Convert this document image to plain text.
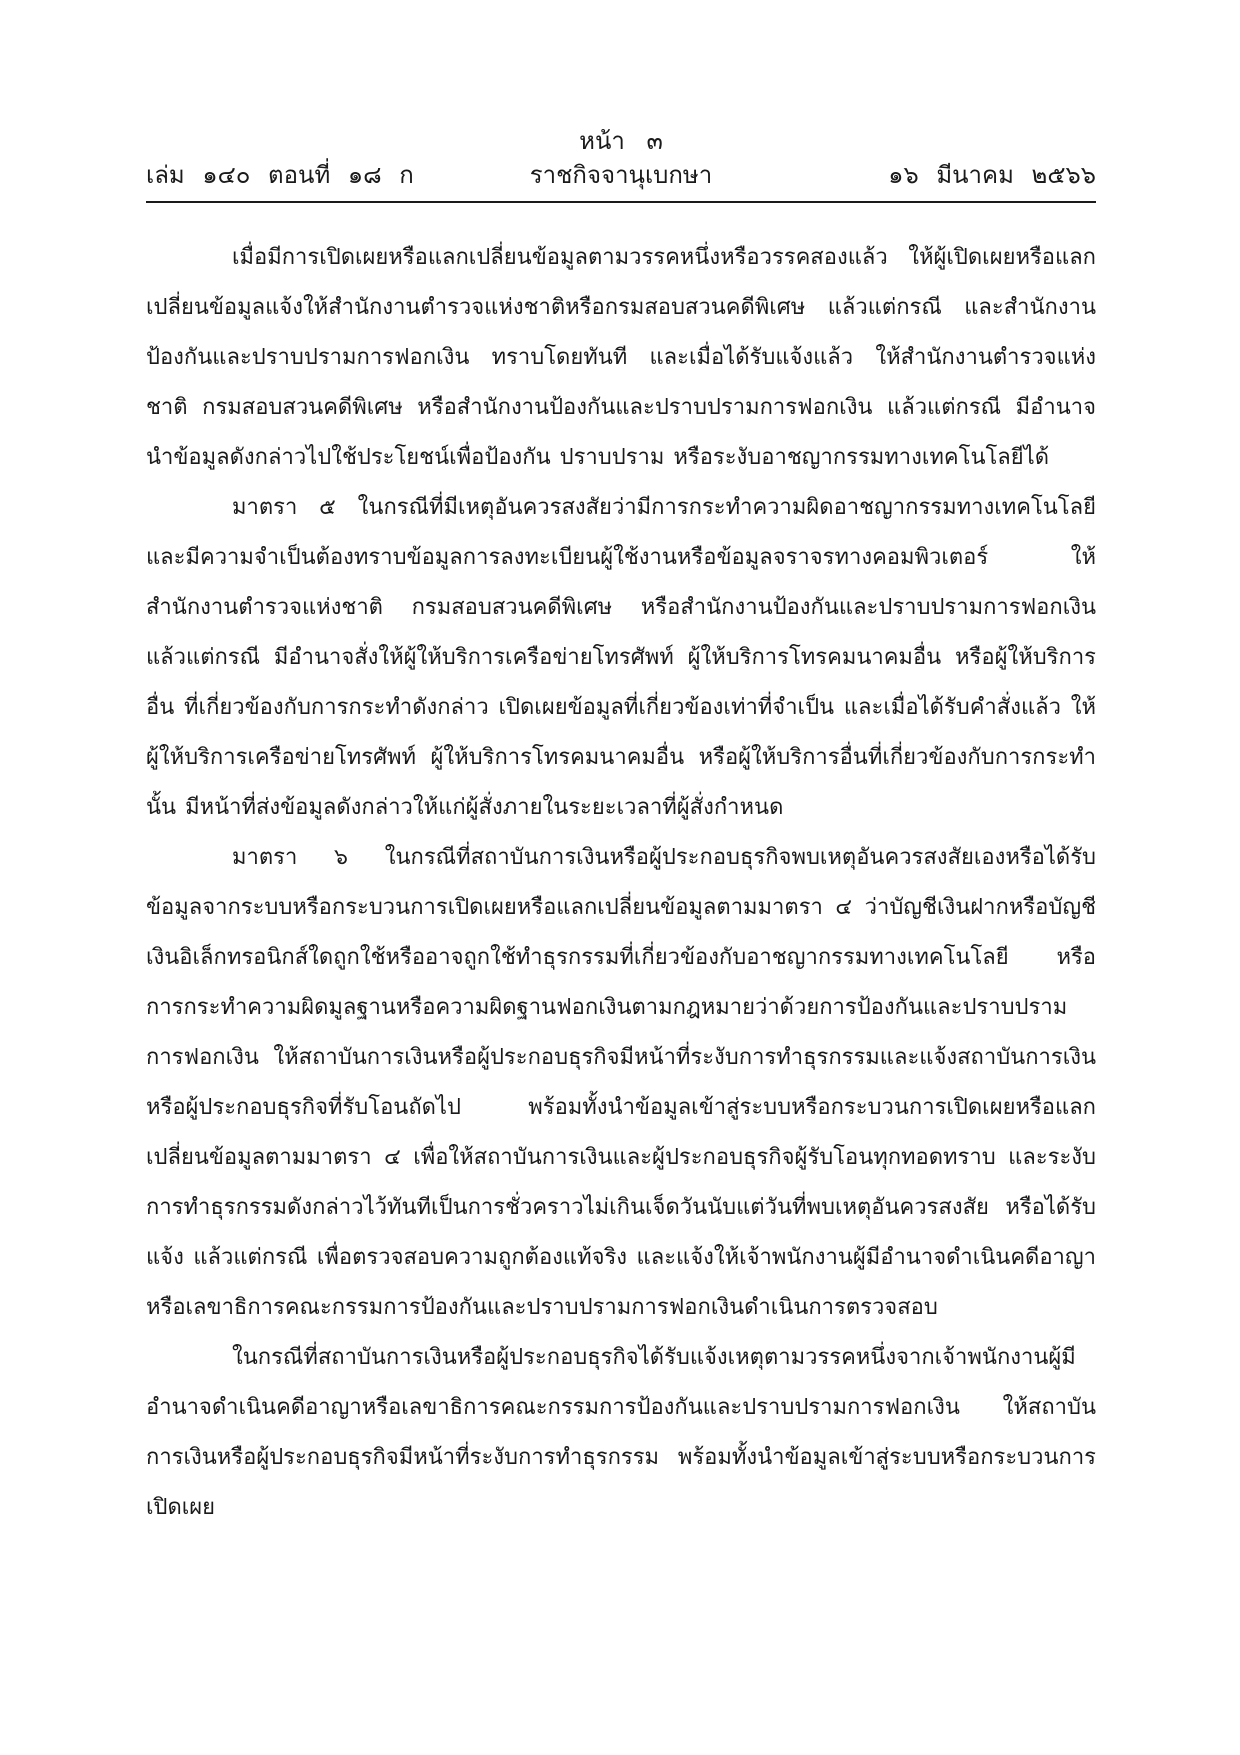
หน้า ๓
เล่ม ๑๔๐ ตอนที่ ๑๘ ก	ราชกิจจานุเบกษา	๑๖ มีนาคม ๒๕๖๖

เมื่อมีการเปิดเผยหรือแลกเปลี่ยนข้อมูลตามวรรคหนึ่งหรือวรรคสองแล้ว ให้ผู้เปิดเผยหรือแลกเปลี่ยนข้อมูลแจ้งให้สำนักงานตำรวจแห่งชาติหรือกรมสอบสวนคดีพิเศษ แล้วแต่กรณี และสำนักงานป้องกันและปราบปรามการฟอกเงิน ทราบโดยทันที และเมื่อได้รับแจ้งแล้ว ให้สำนักงานตำรวจแห่งชาติ กรมสอบสวนคดีพิเศษ หรือสำนักงานป้องกันและปราบปรามการฟอกเงิน แล้วแต่กรณี มีอำนาจนำข้อมูลดังกล่าวไปใช้ประโยชน์เพื่อป้องกัน ปราบปราม หรือระงับอาชญากรรมทางเทคโนโลยีได้

มาตรา ๕ ในกรณีที่มีเหตุอันควรสงสัยว่ามีการกระทำความผิดอาชญากรรมทางเทคโนโลยี และมีความจำเป็นต้องทราบข้อมูลการลงทะเบียนผู้ใช้งานหรือข้อมูลจราจรทางคอมพิวเตอร์ ให้สำนักงานตำรวจแห่งชาติ กรมสอบสวนคดีพิเศษ หรือสำนักงานป้องกันและปราบปรามการฟอกเงิน แล้วแต่กรณี มีอำนาจสั่งให้ผู้ให้บริการเครือข่ายโทรศัพท์ ผู้ให้บริการโทรคมนาคมอื่น หรือผู้ให้บริการอื่น ที่เกี่ยวข้องกับการกระทำดังกล่าว เปิดเผยข้อมูลที่เกี่ยวข้องเท่าที่จำเป็น และเมื่อได้รับคำสั่งแล้ว ให้ผู้ให้บริการเครือข่ายโทรศัพท์ ผู้ให้บริการโทรคมนาคมอื่น หรือผู้ให้บริการอื่นที่เกี่ยวข้องกับการกระทำนั้น มีหน้าที่ส่งข้อมูลดังกล่าวให้แก่ผู้สั่งภายในระยะเวลาที่ผู้สั่งกำหนด

มาตรา ๖ ในกรณีที่สถาบันการเงินหรือผู้ประกอบธุรกิจพบเหตุอันควรสงสัยเองหรือได้รับข้อมูลจากระบบหรือกระบวนการเปิดเผยหรือแลกเปลี่ยนข้อมูลตามมาตรา ๔ ว่าบัญชีเงินฝากหรือบัญชีเงินอิเล็กทรอนิกส์ใดถูกใช้หรืออาจถูกใช้ทำธุรกรรมที่เกี่ยวข้องกับอาชญากรรมทางเทคโนโลยี หรือการกระทำความผิดมูลฐานหรือความผิดฐานฟอกเงินตามกฎหมายว่าด้วยการป้องกันและปราบปรามการฟอกเงิน ให้สถาบันการเงินหรือผู้ประกอบธุรกิจมีหน้าที่ระงับการทำธุรกรรมและแจ้งสถาบันการเงินหรือผู้ประกอบธุรกิจที่รับโอนถัดไป พร้อมทั้งนำข้อมูลเข้าสู่ระบบหรือกระบวนการเปิดเผยหรือแลกเปลี่ยนข้อมูลตามมาตรา ๔ เพื่อให้สถาบันการเงินและผู้ประกอบธุรกิจผู้รับโอนทุกทอดทราบ และระงับการทำธุรกรรมดังกล่าวไว้ทันทีเป็นการชั่วคราวไม่เกินเจ็ดวันนับแต่วันที่พบเหตุอันควรสงสัย หรือได้รับแจ้ง แล้วแต่กรณี เพื่อตรวจสอบความถูกต้องแท้จริง และแจ้งให้เจ้าพนักงานผู้มีอำนาจดำเนินคดีอาญาหรือเลขาธิการคณะกรรมการป้องกันและปราบปรามการฟอกเงินดำเนินการตรวจสอบ

ในกรณีที่สถาบันการเงินหรือผู้ประกอบธุรกิจได้รับแจ้งเหตุตามวรรคหนึ่งจากเจ้าพนักงานผู้มีอำนาจดำเนินคดีอาญาหรือเลขาธิการคณะกรรมการป้องกันและปราบปรามการฟอกเงิน ให้สถาบันการเงินหรือผู้ประกอบธุรกิจมีหน้าที่ระงับการทำธุรกรรม พร้อมทั้งนำข้อมูลเข้าสู่ระบบหรือกระบวนการเปิดเผย
